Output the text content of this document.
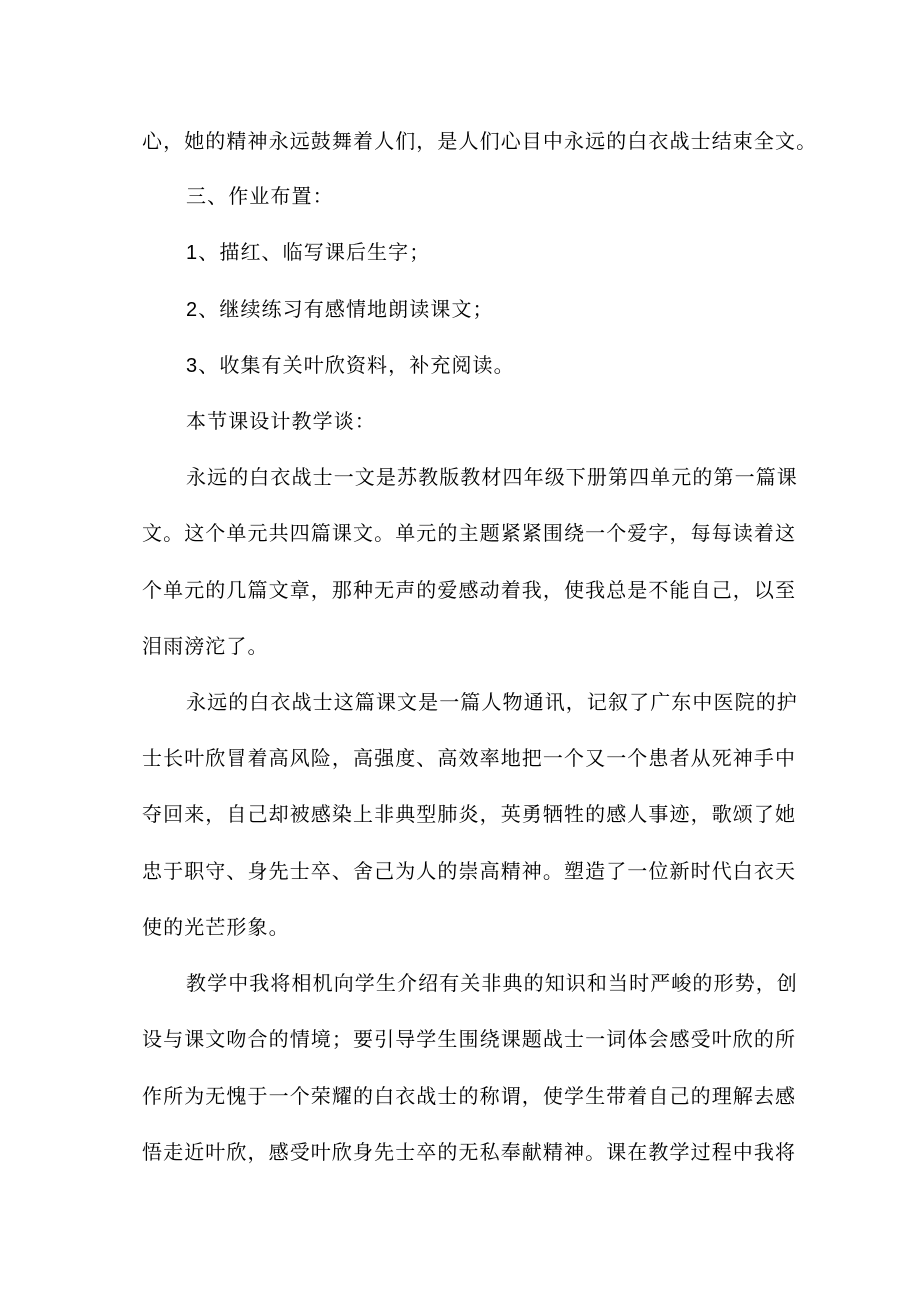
心，她的精神永远鼓舞着人们，是人们心目中永远的白衣战士结束全文。
三、作业布置：
1、描红、临写课后生字；
2、继续练习有感情地朗读课文；
3、收集有关叶欣资料，补充阅读。
本节课设计教学谈：
永远的白衣战士一文是苏教版教材四年级下册第四单元的第一篇课
文。这个单元共四篇课文。单元的主题紧紧围绕一个爱字，每每读着这
个单元的几篇文章，那种无声的爱感动着我，使我总是不能自己，以至
泪雨滂沱了。
永远的白衣战士这篇课文是一篇人物通讯，记叙了广东中医院的护
士长叶欣冒着高风险，高强度、高效率地把一个又一个患者从死神手中
夺回来，自己却被感染上非典型肺炎，英勇牺牲的感人事迹，歌颂了她
忠于职守、身先士卒、舍己为人的崇高精神。塑造了一位新时代白衣天
使的光芒形象。
教学中我将相机向学生介绍有关非典的知识和当时严峻的形势，创
设与课文吻合的情境；要引导学生围绕课题战士一词体会感受叶欣的所
作所为无愧于一个荣耀的白衣战士的称谓，使学生带着自己的理解去感
悟走近叶欣，感受叶欣身先士卒的无私奉献精神。课在教学过程中我将
